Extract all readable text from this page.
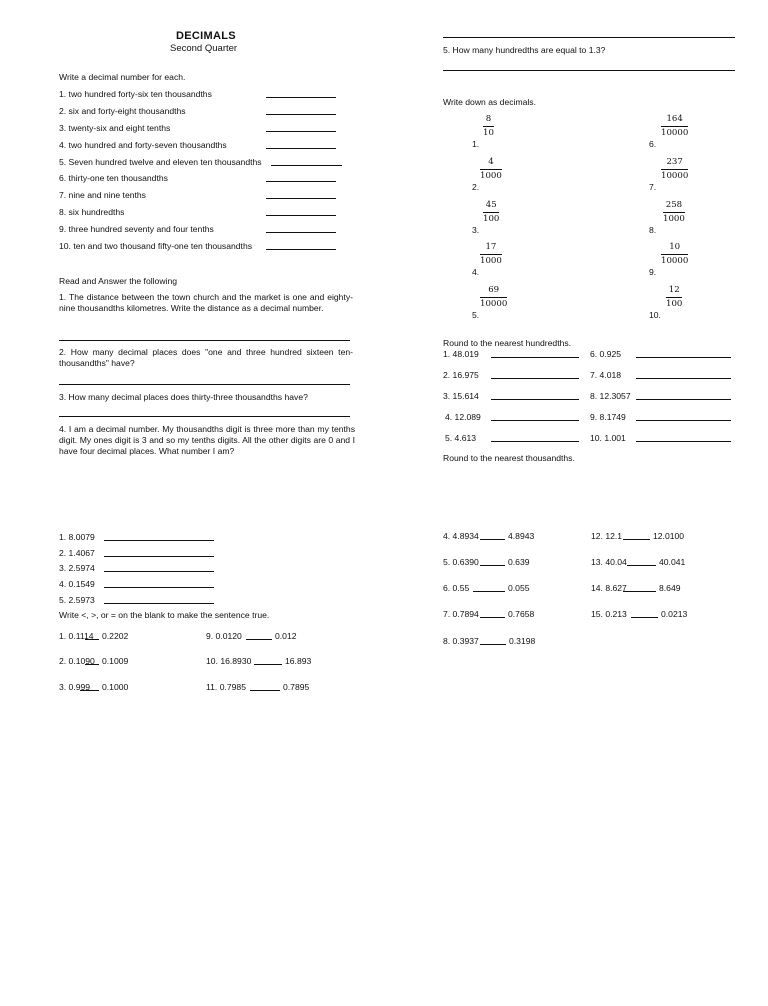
DECIMALS
Second Quarter
Write a decimal number for each.
Read and Answer the following
1. The distance between the town church and the market is one and eighty-nine thousandths kilometres. Write the distance as a decimal number.
2. How many decimal places does "one and three hundred sixteen ten-thousandths" have?
3. How many decimal places does thirty-three thousandths have?
4. I am a decimal number. My thousandths digit is three more than my tenths digit. My ones digit is 3 and so my tenths digits. All the other digits are 0 and I have four decimal places. What number I am?
5. How many hundredths are equal to 1.3?
Write down as decimals.
Round to the nearest hundredths.
Round to the nearest thousandths.
Write <, >, or = on the blank to make the sentence true.
1. two hundred forty-six ten thousandths
2. six and forty-eight thousandths
3. twenty-six and eight tenths
4. two hundred and forty-seven thousandths
5. Seven hundred twelve and eleven ten thousandths
6. thirty-one ten thousandths
7. nine and nine tenths
8. six hundredths
9. three hundred seventy and four tenths
10. ten and two thousand fifty-one ten thousandths
8
10
1.
4
1000
2.
45
100
3.
17
1000
4.
69
10000
5.
164
10000
6.
237
10000
7.
258
1000
8.
10
10000
9.
12
100
10.
1. 48.019
2. 16.975
3. 15.614
4. 12.089
5. 4.613
6. 0.925
7. 4.018
8. 12.3057
9. 8.1749
10. 1.001
1. 8.0079
2. 1.4067
3. 2.5974
4. 0.1549
5. 2.5973
1. 0.1114 0.2202
2. 0.1090 0.1009
3. 0.999 0.1000
4. 4.8934	4.8943
5. 0.6390	0.639
6. 0.55	0.055
7. 0.7894	0.7658
8. 0.3937	0.3198
9. 0.0120	0.012
10. 16.8930	16.893
11. 0.7985	0.7895
12. 12.1	12.0100
13. 40.04	40.041
14. 8.627	8.649
15. 0.213	0.0213
